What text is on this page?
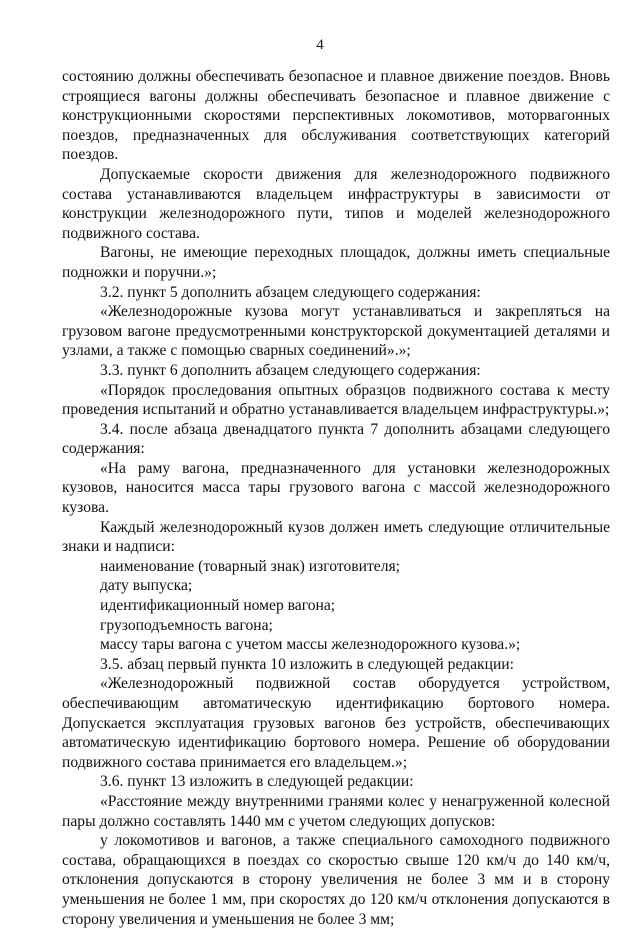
4

состоянию должны обеспечивать безопасное и плавное движение поездов. Вновь строящиеся вагоны должны обеспечивать безопасное и плавное движение с конструкционными скоростями перспективных локомотивов, моторвагонных поездов, предназначенных для обслуживания соответствующих категорий поездов.

Допускаемые скорости движения для железнодорожного подвижного состава устанавливаются владельцем инфраструктуры в зависимости от конструкции железнодорожного пути, типов и моделей железнодорожного подвижного состава.

Вагоны, не имеющие переходных площадок, должны иметь специальные подножки и поручни.»;

3.2. пункт 5 дополнить абзацем следующего содержания:

«Железнодорожные кузова могут устанавливаться и закрепляться на грузовом вагоне предусмотренными конструкторской документацией деталями и узлами, а также с помощью сварных соединений».»;

3.3. пункт 6 дополнить абзацем следующего содержания:

«Порядок проследования опытных образцов подвижного состава к месту проведения испытаний и обратно устанавливается владельцем инфраструктуры.»;

3.4. после абзаца двенадцатого пункта 7 дополнить абзацами следующего содержания:

«На раму вагона, предназначенного для установки железнодорожных кузовов, наносится масса тары грузового вагона с массой железнодорожного кузова.

Каждый железнодорожный кузов должен иметь следующие отличительные знаки и надписи:

наименование (товарный знак) изготовителя;

дату выпуска;

идентификационный номер вагона;

грузоподъемность вагона;

массу тары вагона с учетом массы железнодорожного кузова.»;

3.5. абзац первый пункта 10 изложить в следующей редакции:

«Железнодорожный подвижной состав оборудуется устройством, обеспечивающим автоматическую идентификацию бортового номера. Допускается эксплуатация грузовых вагонов без устройств, обеспечивающих автоматическую идентификацию бортового номера. Решение об оборудовании подвижного состава принимается его владельцем.»;

3.6. пункт 13 изложить в следующей редакции:

«Расстояние между внутренними гранями колес у ненагруженной колесной пары должно составлять 1440 мм с учетом следующих допусков:

у локомотивов и вагонов, а также специального самоходного подвижного состава, обращающихся в поездах со скоростью свыше 120 км/ч до 140 км/ч, отклонения допускаются в сторону увеличения не более 3 мм и в сторону уменьшения не более 1 мм, при скоростях до 120 км/ч отклонения допускаются в сторону увеличения и уменьшения не более 3 мм;
